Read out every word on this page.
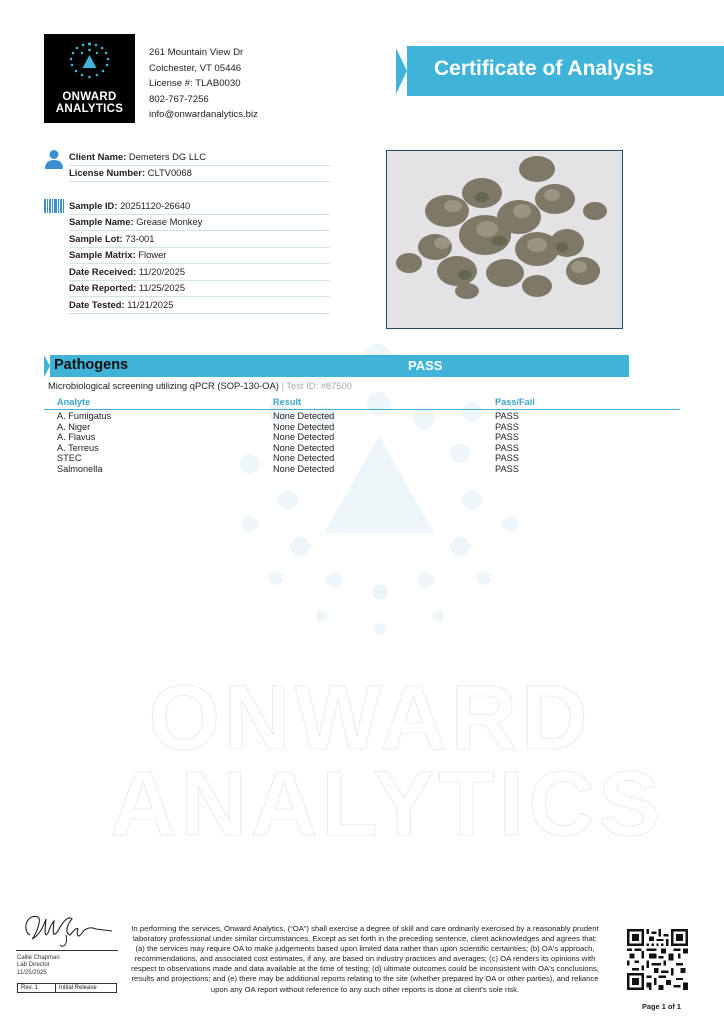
ONWARD
ANALYTICS
ONWARD
ANALYTICS
261 Mountain View Dr
Colchester, VT 05446
License #: TLAB0030
802-767-7256
info@onwardanalytics.biz
Certificate of Analysis
Client Name: Demeters DG LLC
License Number: CLTV0068
Sample ID: 20251120-26640
Sample Name: Grease Monkey
Sample Lot: 73-001
Sample Matrix: Flower
Date Received: 11/20/2025
Date Reported: 11/25/2025
Date Tested: 11/21/2025
Pathogens	PASS
Microbiological screening utilizing qPCR (SOP-130-OA) | Test ID: #87500
Analyte	Result	Pass/Fail
A. Fumigatus	None Detected	PASS
A. Niger	None Detected	PASS
A. Flavus	None Detected	PASS
A. Terreus	None Detected	PASS
STEC	None Detected	PASS
Salmonella	None Detected	PASS
Callie Chapman
Lab Director
11/25/2025
Rev. 1	Initial Release
In performing the services, Onward Analytics, (“OA”) shall exercise a degree of skill and care ordinarily exercised by a reasonably prudent laboratory professional under similar circumstances. Except as set forth in the preceding sentence, client acknowledges and agrees that: (a) the services may require OA to make judgements based upon limited data rather than upon scientific certainties; (b) OA's approach, recommendations, and associated cost estimates, if any, are based on industry practices and averages; (c) OA renders its opinions with respect to observations made and data available at the time of testing; (d) ultimate outcomes could be inconsistent with OA's conclusions, results and projections; and (e) there may be additional reports relating to the site (whether prepared by OA or other parties), and reliance upon any OA report without reference to any such other reports is done at client's sole risk.
Page 1 of 1
